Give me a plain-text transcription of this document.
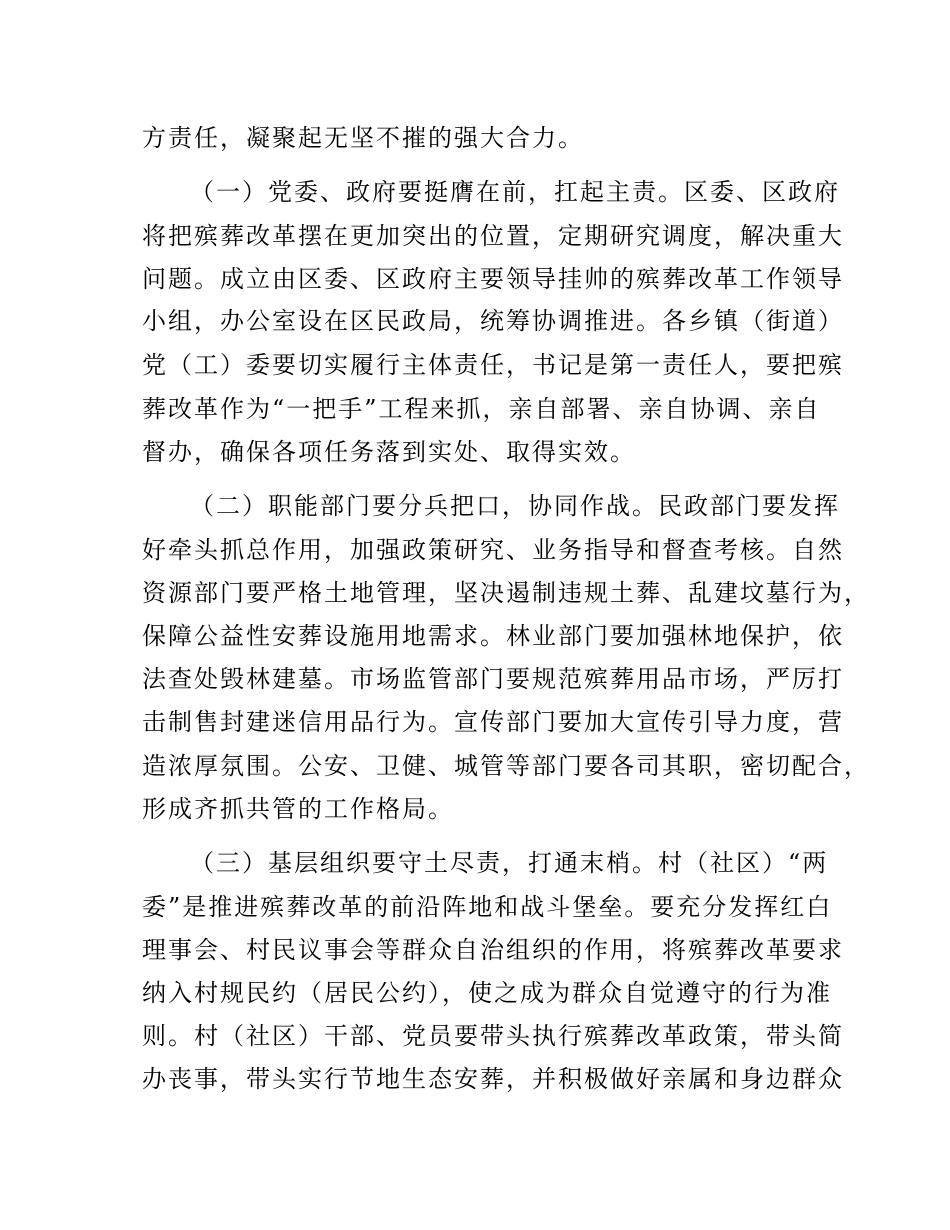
方责任，凝聚起无坚不摧的强大合力。
（一）党委、政府要挺膺在前，扛起主责。区委、区政府
将把殡葬改革摆在更加突出的位置，定期研究调度，解决重大
问题。成立由区委、区政府主要领导挂帅的殡葬改革工作领导
小组，办公室设在区民政局，统筹协调推进。各乡镇（街道）
党（工）委要切实履行主体责任，书记是第一责任人，要把殡
葬改革作为“一把手”工程来抓，亲自部署、亲自协调、亲自
督办，确保各项任务落到实处、取得实效。
（二）职能部门要分兵把口，协同作战。民政部门要发挥
好牵头抓总作用，加强政策研究、业务指导和督查考核。自然
资源部门要严格土地管理，坚决遏制违规土葬、乱建坟墓行为，
保障公益性安葬设施用地需求。林业部门要加强林地保护，依
法查处毁林建墓。市场监管部门要规范殡葬用品市场，严厉打
击制售封建迷信用品行为。宣传部门要加大宣传引导力度，营
造浓厚氛围。公安、卫健、城管等部门要各司其职，密切配合，
形成齐抓共管的工作格局。
（三）基层组织要守土尽责，打通末梢。村（社区）“两
委”是推进殡葬改革的前沿阵地和战斗堡垒。要充分发挥红白
理事会、村民议事会等群众自治组织的作用，将殡葬改革要求
纳入村规民约（居民公约），使之成为群众自觉遵守的行为准
则。村（社区）干部、党员要带头执行殡葬改革政策，带头简
办丧事，带头实行节地生态安葬，并积极做好亲属和身边群众
